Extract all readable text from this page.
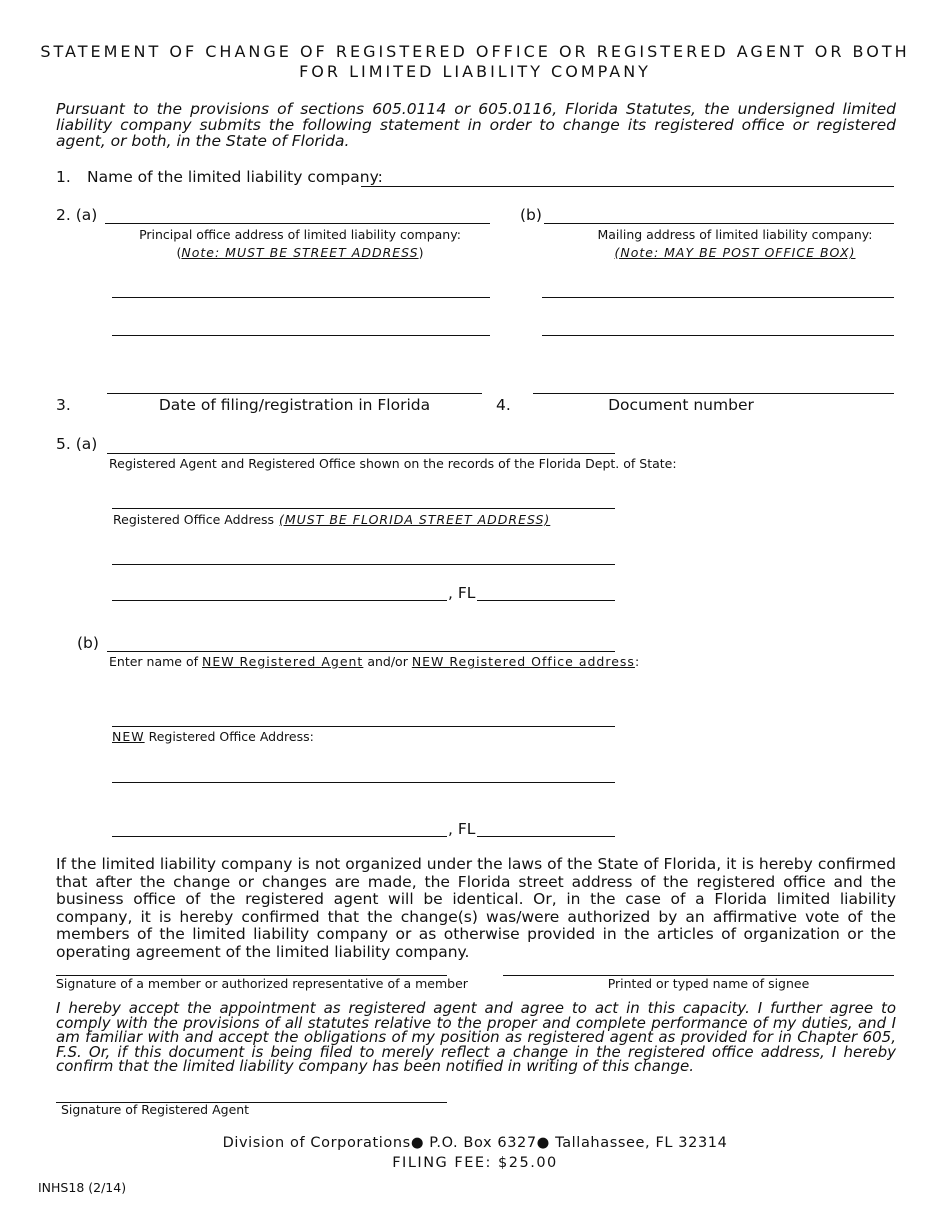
STATEMENT OF CHANGE OF REGISTERED OFFICE OR REGISTERED AGENT OR BOTH FOR LIMITED LIABILITY COMPANY
Pursuant to the provisions of sections 605.0114 or 605.0116, Florida Statutes, the undersigned limited liability company submits the following statement in order to change its registered office or registered agent, or both, in the State of Florida.
1. Name of the limited liability company:
2. (a)	(b)
Principal office address of limited liability company:
(Note: MUST BE STREET ADDRESS)
Mailing address of limited liability company:
(Note: MAY BE POST OFFICE BOX)
3.	Date of filing/registration in Florida	4.	Document number
5. (a)
Registered Agent and Registered Office shown on the records of the Florida Dept. of State:
Registered Office Address (MUST BE FLORIDA STREET ADDRESS)
, FL
(b)
Enter name of NEW Registered Agent and/or NEW Registered Office address:
NEW Registered Office Address:
, FL
If the limited liability company is not organized under the laws of the State of Florida, it is hereby confirmed that after the change or changes are made, the Florida street address of the registered office and the business office of the registered agent will be identical. Or, in the case of a Florida limited liability company, it is hereby confirmed that the change(s) was/were authorized by an affirmative vote of the members of the limited liability company or as otherwise provided in the articles of organization or the operating agreement of the limited liability company.
Signature of a member or authorized representative of a member	Printed or typed name of signee
I hereby accept the appointment as registered agent and agree to act in this capacity. I further agree to comply with the provisions of all statutes relative to the proper and complete performance of my duties, and I am familiar with and accept the obligations of my position as registered agent as provided for in Chapter 605, F.S. Or, if this document is being filed to merely reflect a change in the registered office address, I hereby confirm that the limited liability company has been notified in writing of this change.
Signature of Registered Agent
Division of Corporations● P.O. Box 6327● Tallahassee, FL 32314
FILING FEE: $25.00
INHS18 (2/14)
